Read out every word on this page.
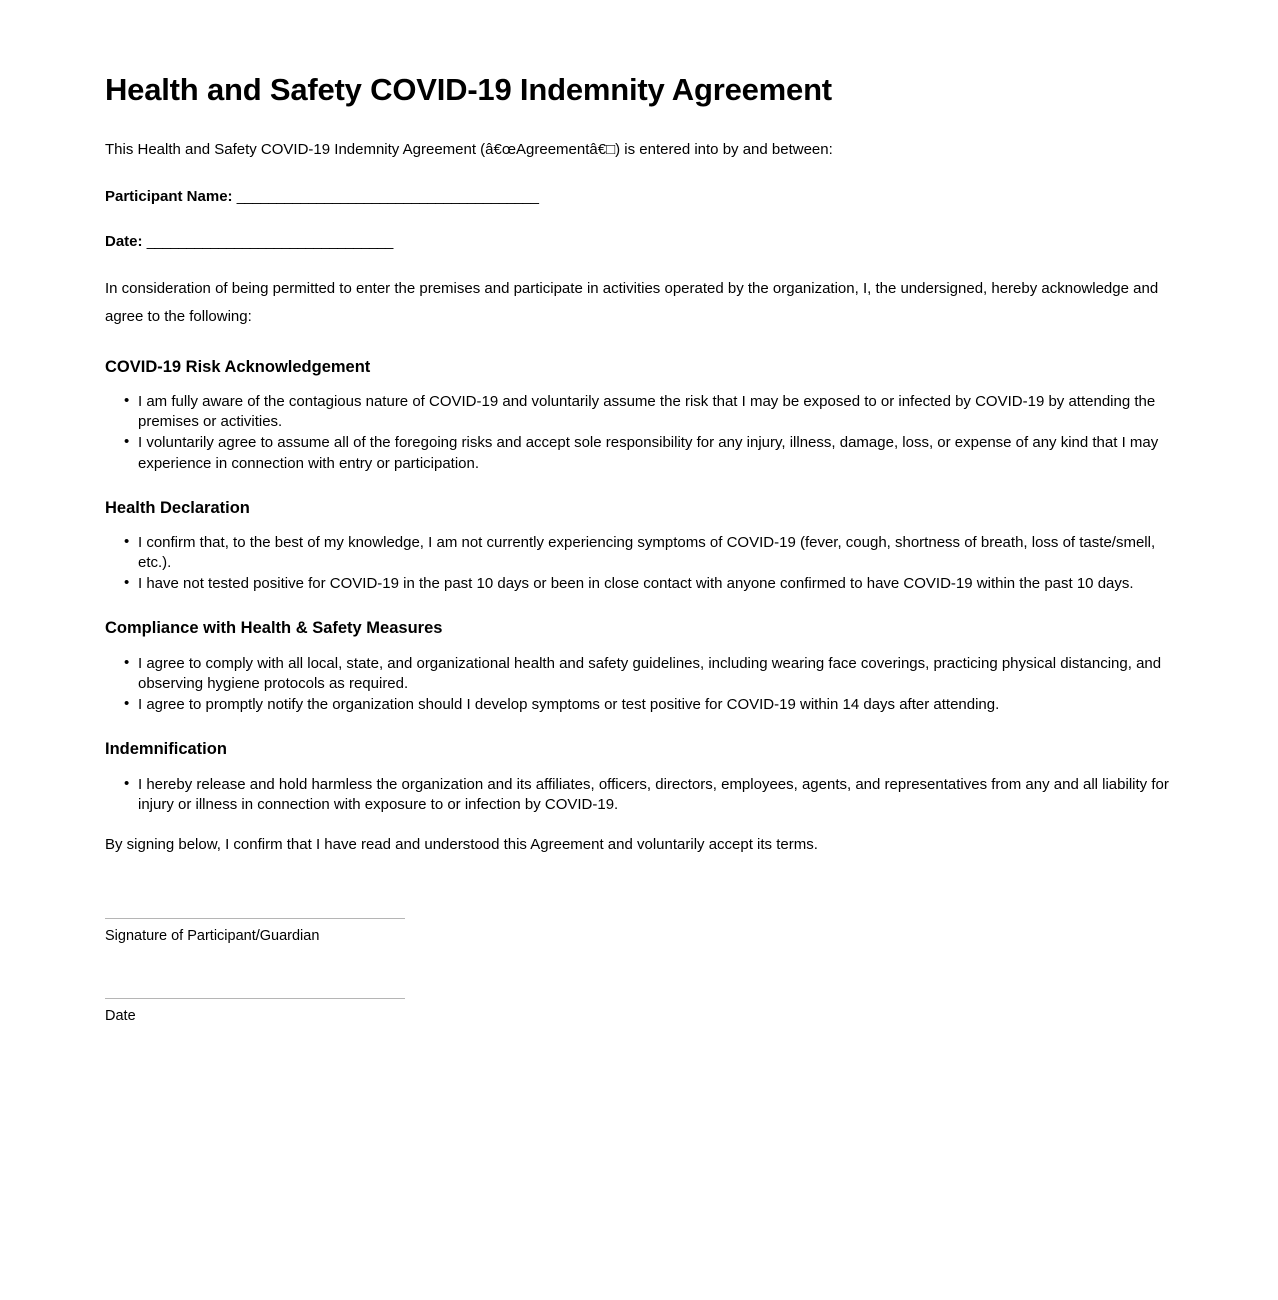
Health and Safety COVID-19 Indemnity Agreement

This Health and Safety COVID-19 Indemnity Agreement (â€œAgreementâ€□) is entered into by and between:

Participant Name: ______________________________________

Date: _______________________________

In consideration of being permitted to enter the premises and participate in activities operated by the organization, I, the undersigned, hereby acknowledge and agree to the following:

COVID-19 Risk Acknowledgement
• I am fully aware of the contagious nature of COVID-19 and voluntarily assume the risk that I may be exposed to or infected by COVID-19 by attending the premises or activities.
• I voluntarily agree to assume all of the foregoing risks and accept sole responsibility for any injury, illness, damage, loss, or expense of any kind that I may experience in connection with entry or participation.
Health Declaration
• I confirm that, to the best of my knowledge, I am not currently experiencing symptoms of COVID-19 (fever, cough, shortness of breath, loss of taste/smell, etc.).
• I have not tested positive for COVID-19 in the past 10 days or been in close contact with anyone confirmed to have COVID-19 within the past 10 days.
Compliance with Health & Safety Measures
• I agree to comply with all local, state, and organizational health and safety guidelines, including wearing face coverings, practicing physical distancing, and observing hygiene protocols as required.
• I agree to promptly notify the organization should I develop symptoms or test positive for COVID-19 within 14 days after attending.
Indemnification
• I hereby release and hold harmless the organization and its affiliates, officers, directors, employees, agents, and representatives from any and all liability for injury or illness in connection with exposure to or infection by COVID-19.

By signing below, I confirm that I have read and understood this Agreement and voluntarily accept its terms.

Signature of Participant/Guardian
Date
